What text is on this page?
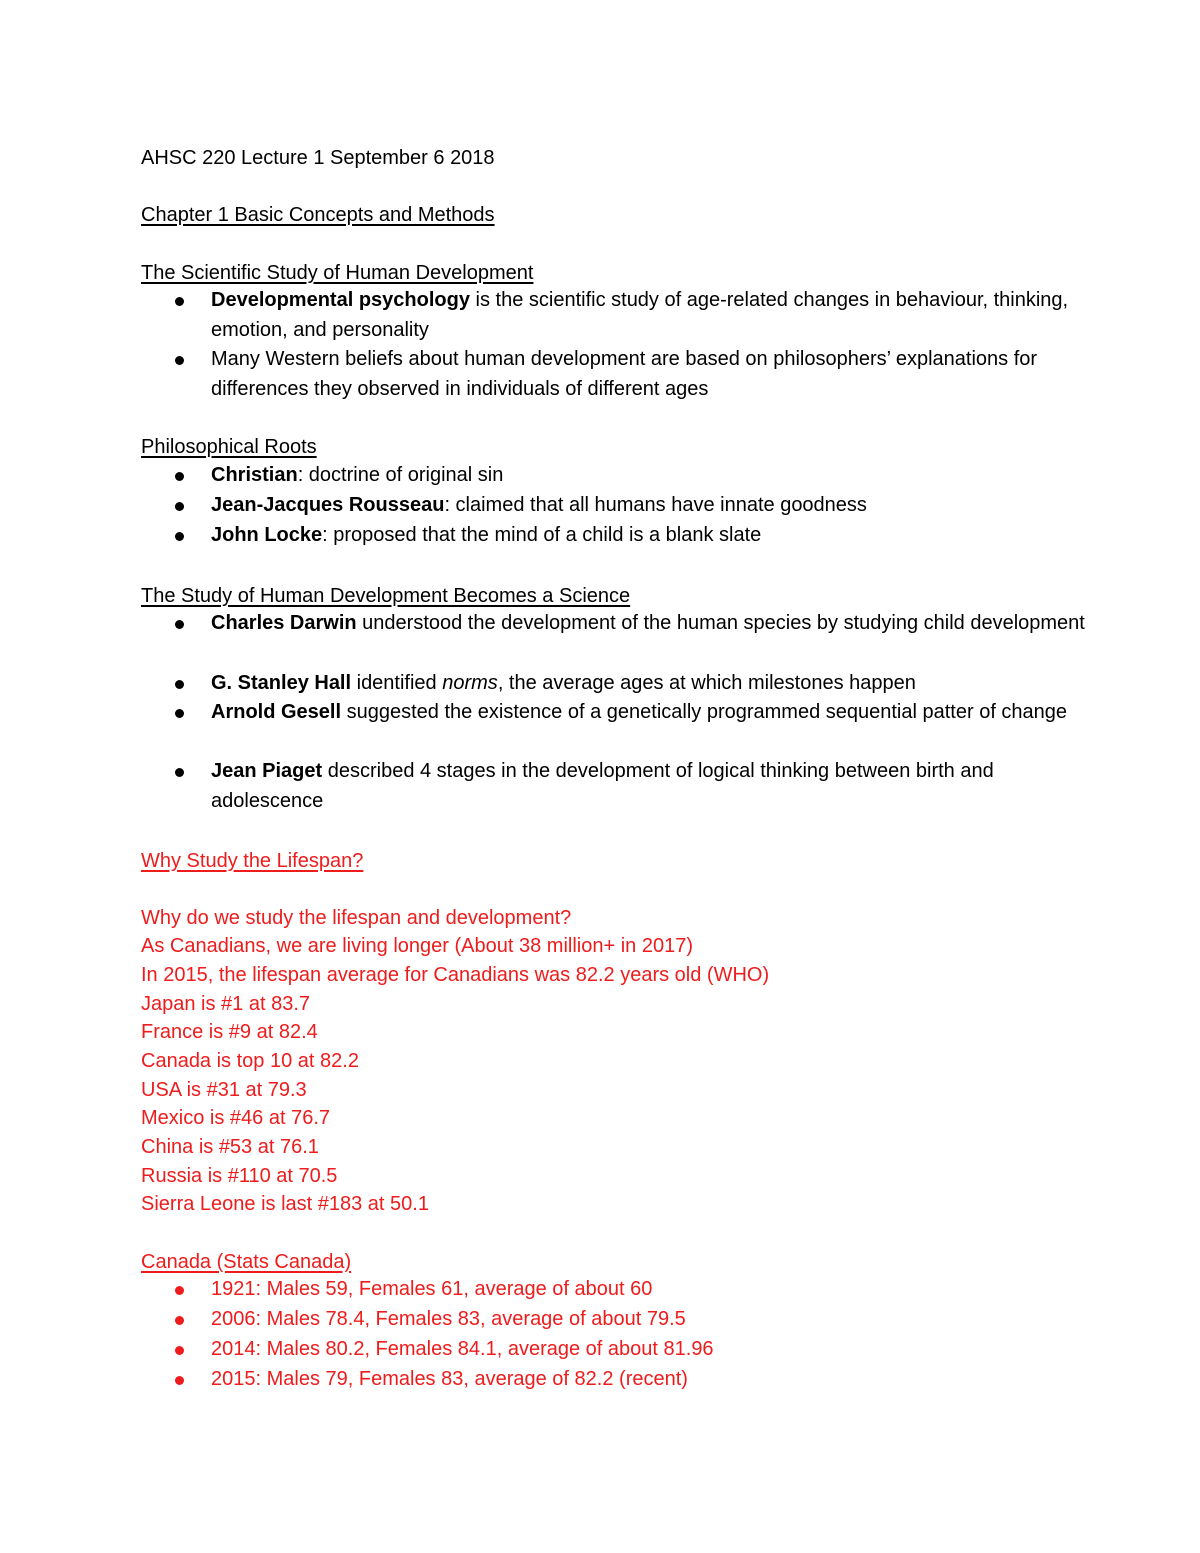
AHSC 220 Lecture 1 September 6 2018
Chapter 1 Basic Concepts and Methods
The Scientific Study of Human Development
Developmental psychology is the scientific study of age-related changes in behaviour, thinking, emotion, and personality
Many Western beliefs about human development are based on philosophers’ explanations for differences they observed in individuals of different ages
Philosophical Roots
Christian: doctrine of original sin
Jean-Jacques Rousseau: claimed that all humans have innate goodness
John Locke: proposed that the mind of a child is a blank slate
The Study of Human Development Becomes a Science
Charles Darwin understood the development of the human species by studying child development
G. Stanley Hall identified norms, the average ages at which milestones happen
Arnold Gesell suggested the existence of a genetically programmed sequential patter of change
Jean Piaget described 4 stages in the development of logical thinking between birth and adolescence
Why Study the Lifespan?
Why do we study the lifespan and development?
As Canadians, we are living longer (About 38 million+ in 2017)
In 2015, the lifespan average for Canadians was 82.2 years old (WHO)
Japan is #1 at 83.7
France is #9 at 82.4
Canada is top 10 at 82.2
USA is #31 at 79.3
Mexico is #46 at 76.7
China is #53 at 76.1
Russia is #110 at 70.5
Sierra Leone is last #183 at 50.1
Canada (Stats Canada)
1921: Males 59, Females 61, average of about 60
2006: Males 78.4, Females 83, average of about 79.5
2014: Males 80.2, Females 84.1, average of about 81.96
2015: Males 79, Females 83, average of 82.2 (recent)
